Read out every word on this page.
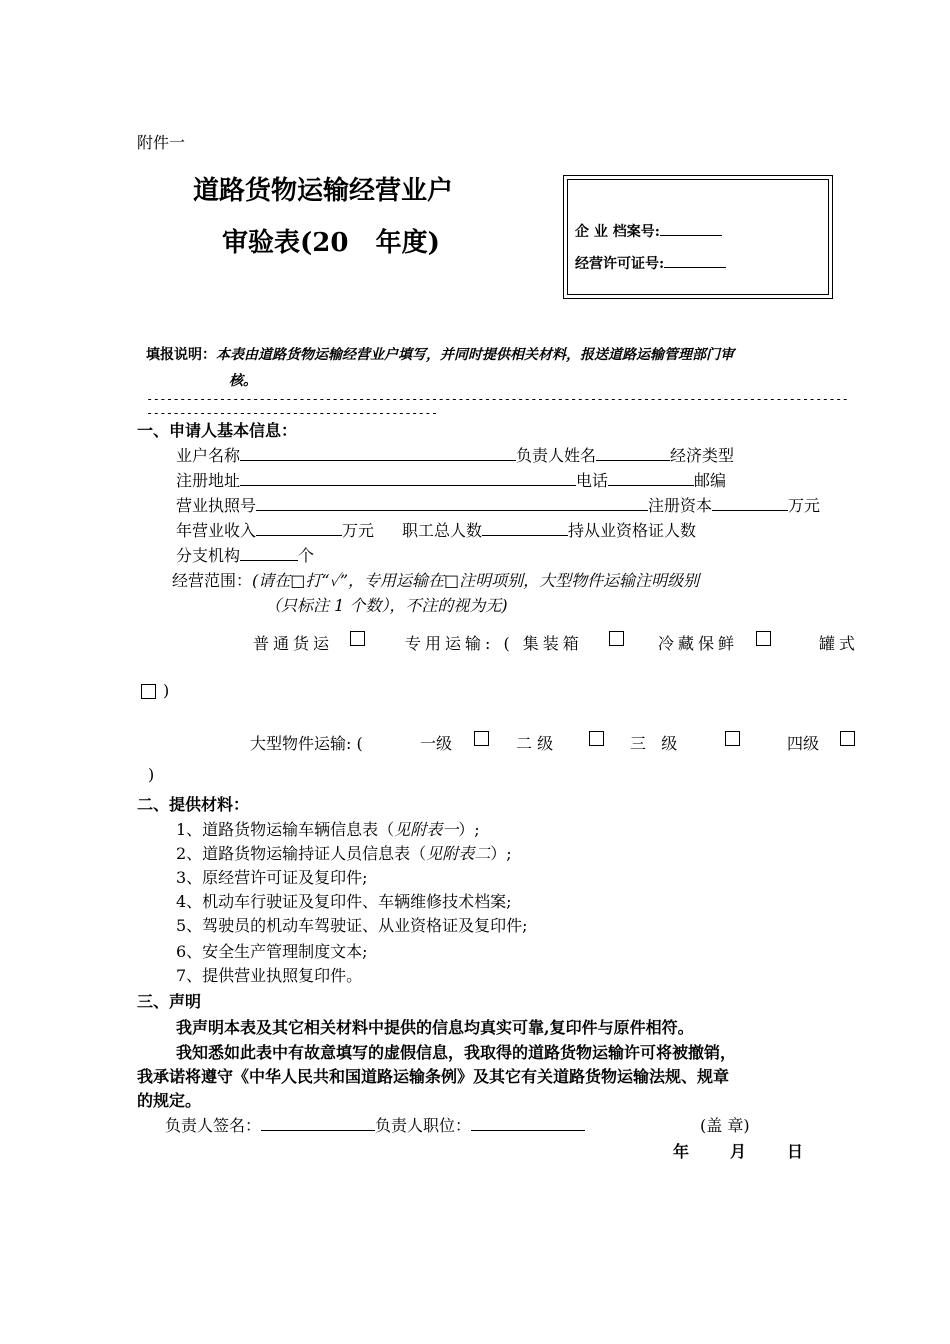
附件一
道路货物运输经营业户
审验表(20   年度)	企 业 档案号:
经营许可证号:
填报说明：本表由道路货物运输经营业户填写，并同时提供相关材料，报送道路运输管理部门审
核。
------------------------------------------------------------------------------------------------------------------------------------------------------
一、申请人基本信息：
业户名称	负责人姓名	经济类型
注册地址	电话	邮编
营业执照号	注册资本	万元
年营业收入	万元 职工总人数	持从业资格证人数
分支机构	个
经营范围：(请在□打“✓”，专用运输在□注明项别，大型物件运输注明级别
（只标注 1 个数），不注的视为无)
普通货运	专用运输: ( 集装箱	冷藏保鲜	罐式
)
大型物件运输: (	一级	二 级	三   级	四级
)
二、提供材料：
1、道路货物运输车辆信息表（见附表一）;
2、道路货物运输持证人员信息表（见附表二）;
3、原经营许可证及复印件;
4、机动车行驶证及复印件、车辆维修技术档案;
5、驾驶员的机动车驾驶证、从业资格证及复印件;
6、安全生产管理制度文本;
7、提供营业执照复印件。
三、声明
我声明本表及其它相关材料中提供的信息均真实可靠,复印件与原件相符。
我知悉如此表中有故意填写的虚假信息，我取得的道路货物运输许可将被撤销，
我承诺将遵守《中华人民共和国道路运输条例》及其它有关道路货物运输法规、规章
的规定。
负责人签名：	负责人职位：	(盖 章)
年	月	日
